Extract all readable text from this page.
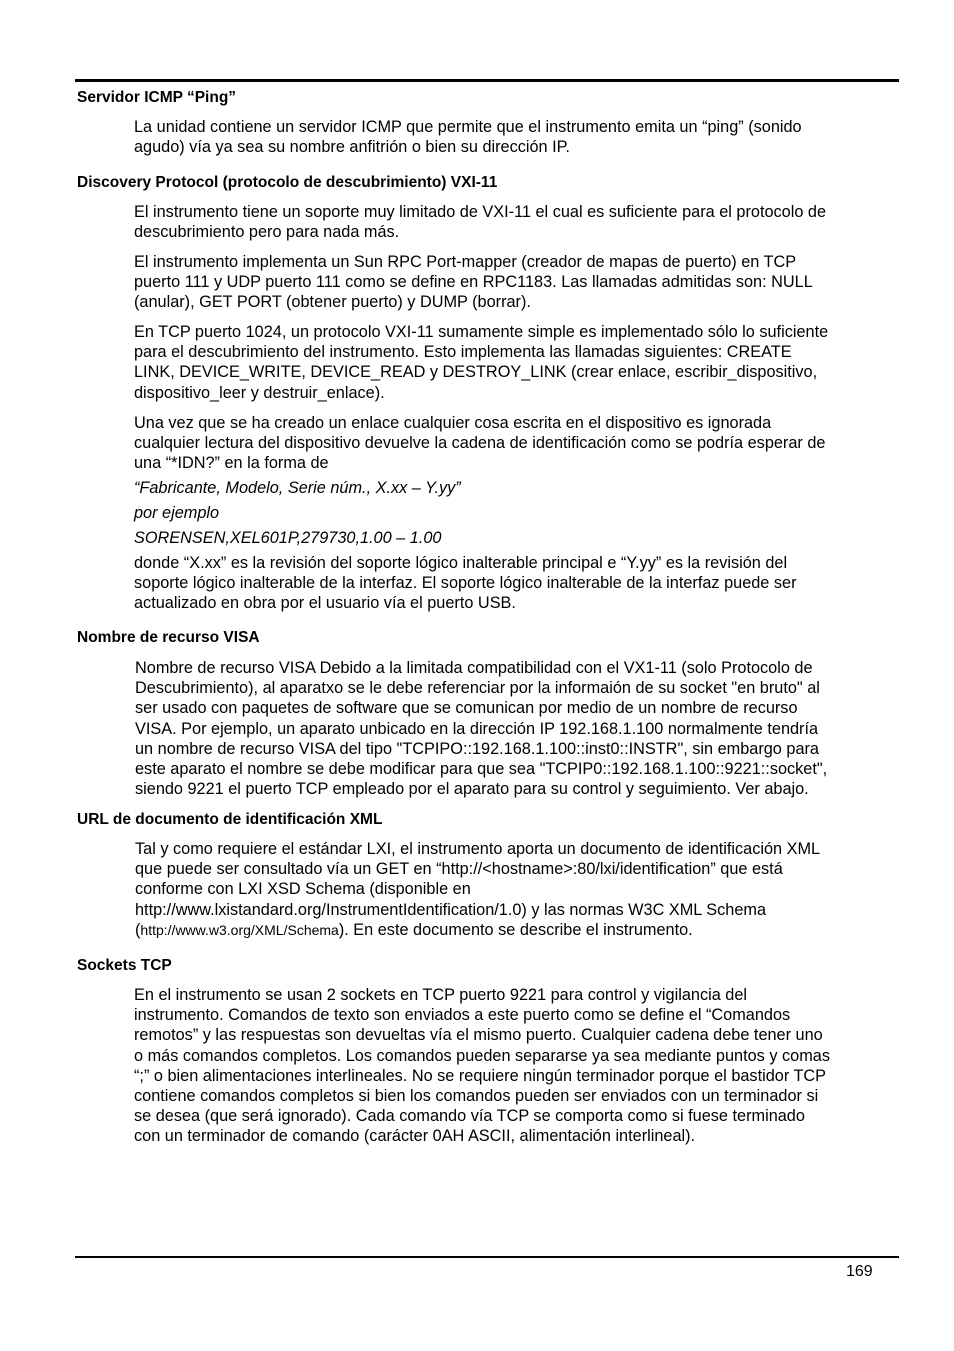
Servidor ICMP “Ping”
La unidad contiene un servidor ICMP que permite que el instrumento emita un “ping” (sonido
agudo) vía ya sea su nombre anfitrión o bien su dirección IP.
Discovery Protocol (protocolo de descubrimiento) VXI-11
El instrumento tiene un soporte muy limitado de VXI-11 el cual es suficiente para el protocolo de
descubrimiento pero para nada más.
El instrumento implementa un Sun RPC Port-mapper (creador de mapas de puerto) en TCP
puerto 111 y UDP puerto 111 como se define en RPC1183. Las llamadas admitidas son: NULL
(anular), GET PORT (obtener puerto) y DUMP (borrar).
En TCP puerto 1024, un protocolo VXI-11 sumamente simple es implementado sólo lo suficiente
para el descubrimiento del instrumento. Esto implementa las llamadas siguientes: CREATE
LINK, DEVICE_WRITE, DEVICE_READ y DESTROY_LINK (crear enlace, escribir_dispositivo,
dispositivo_leer y destruir_enlace).
Una vez que se ha creado un enlace cualquier cosa escrita en el dispositivo es ignorada
cualquier lectura del dispositivo devuelve la cadena de identificación como se podría esperar de
una “*IDN?” en la forma de
“Fabricante, Modelo, Serie núm., X.xx – Y.yy”
por ejemplo
SORENSEN,XEL601P,279730,1.00 – 1.00
donde “X.xx” es la revisión del soporte lógico inalterable principal e “Y.yy” es la revisión del
soporte lógico inalterable de la interfaz. El soporte lógico inalterable de la interfaz puede ser
actualizado en obra por el usuario vía el puerto USB.
Nombre de recurso VISA
Nombre de recurso VISA Debido a la limitada compatibilidad con el VX1-11 (solo Protocolo de
Descubrimiento), al aparatxo se le debe referenciar por la informaión de su socket "en bruto" al
ser usado con paquetes de software que se comunican por medio de un nombre de recurso
VISA. Por ejemplo, un aparato unbicado en la dirección IP 192.168.1.100 normalmente tendría
un nombre de recurso VISA del tipo "TCPIPO::192.168.1.100::inst0::INSTR", sin embargo para
este aparato el nombre se debe modificar para que sea "TCPIP0::192.168.1.100::9221::socket",
siendo 9221 el puerto TCP empleado por el aparato para su control y seguimiento. Ver abajo.
URL de documento de identificación XML
Tal y como requiere el estándar LXI, el instrumento aporta un documento de identificación XML
que puede ser consultado vía un GET en “http://<hostname>:80/lxi/identification” que está
conforme con LXI XSD Schema (disponible en
http://www.lxistandard.org/InstrumentIdentification/1.0) y las normas W3C XML Schema
(http://www.w3.org/XML/Schema). En este documento se describe el instrumento.
Sockets TCP
En el instrumento se usan 2 sockets en TCP puerto 9221 para control y vigilancia del
instrumento. Comandos de texto son enviados a este puerto como se define el “Comandos
remotos” y las respuestas son devueltas vía el mismo puerto. Cualquier cadena debe tener uno
o más comandos completos. Los comandos pueden separarse ya sea mediante puntos y comas
“;” o bien alimentaciones interlineales. No se requiere ningún terminador porque el bastidor TCP
contiene comandos completos si bien los comandos pueden ser enviados con un terminador si
se desea (que será ignorado). Cada comando vía TCP se comporta como si fuese terminado
con un terminador de comando (carácter 0AH ASCII, alimentación interlineal).
169
